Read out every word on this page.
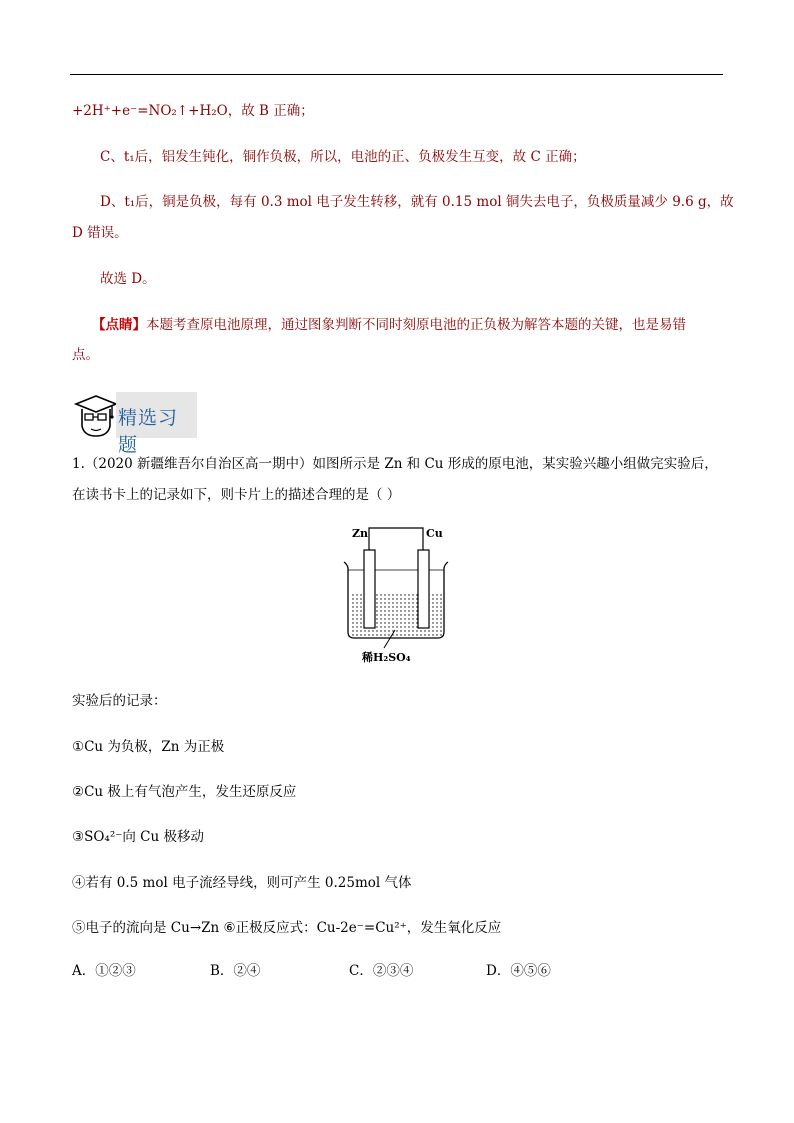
+2H⁺+e⁻=NO₂↑+H₂O，故 B 正确；
C、t₁后，铝发生钝化，铜作负极，所以，电池的正、负极发生互变，故 C 正确；
D、t₁后，铜是负极，每有 0.3 mol 电子发生转移，就有 0.15 mol 铜失去电子，负极质量减少 9.6 g，故
D 错误。
故选 D。
【点睛】本题考查原电池原理，通过图象判断不同时刻原电池的正负极为解答本题的关键，也是易错
点。
精选习题
1.（2020 新疆维吾尔自治区高一期中）如图所示是 Zn 和 Cu 形成的原电池，某实验兴趣小组做完实验后，
在读书卡上的记录如下，则卡片上的描述合理的是（ ）
Zn	Cu
稀H₂SO₄
实验后的记录：
①Cu 为负极，Zn 为正极
②Cu 极上有气泡产生，发生还原反应
③SO₄²⁻向 Cu 极移动
④若有 0.5 mol 电子流经导线，则可产生 0.25mol 气体
⑤电子的流向是 Cu→Zn ⑥正极反应式：Cu-2e⁻=Cu²⁺，发生氧化反应
A．①②③	B．②④	C．②③④	D．④⑤⑥
